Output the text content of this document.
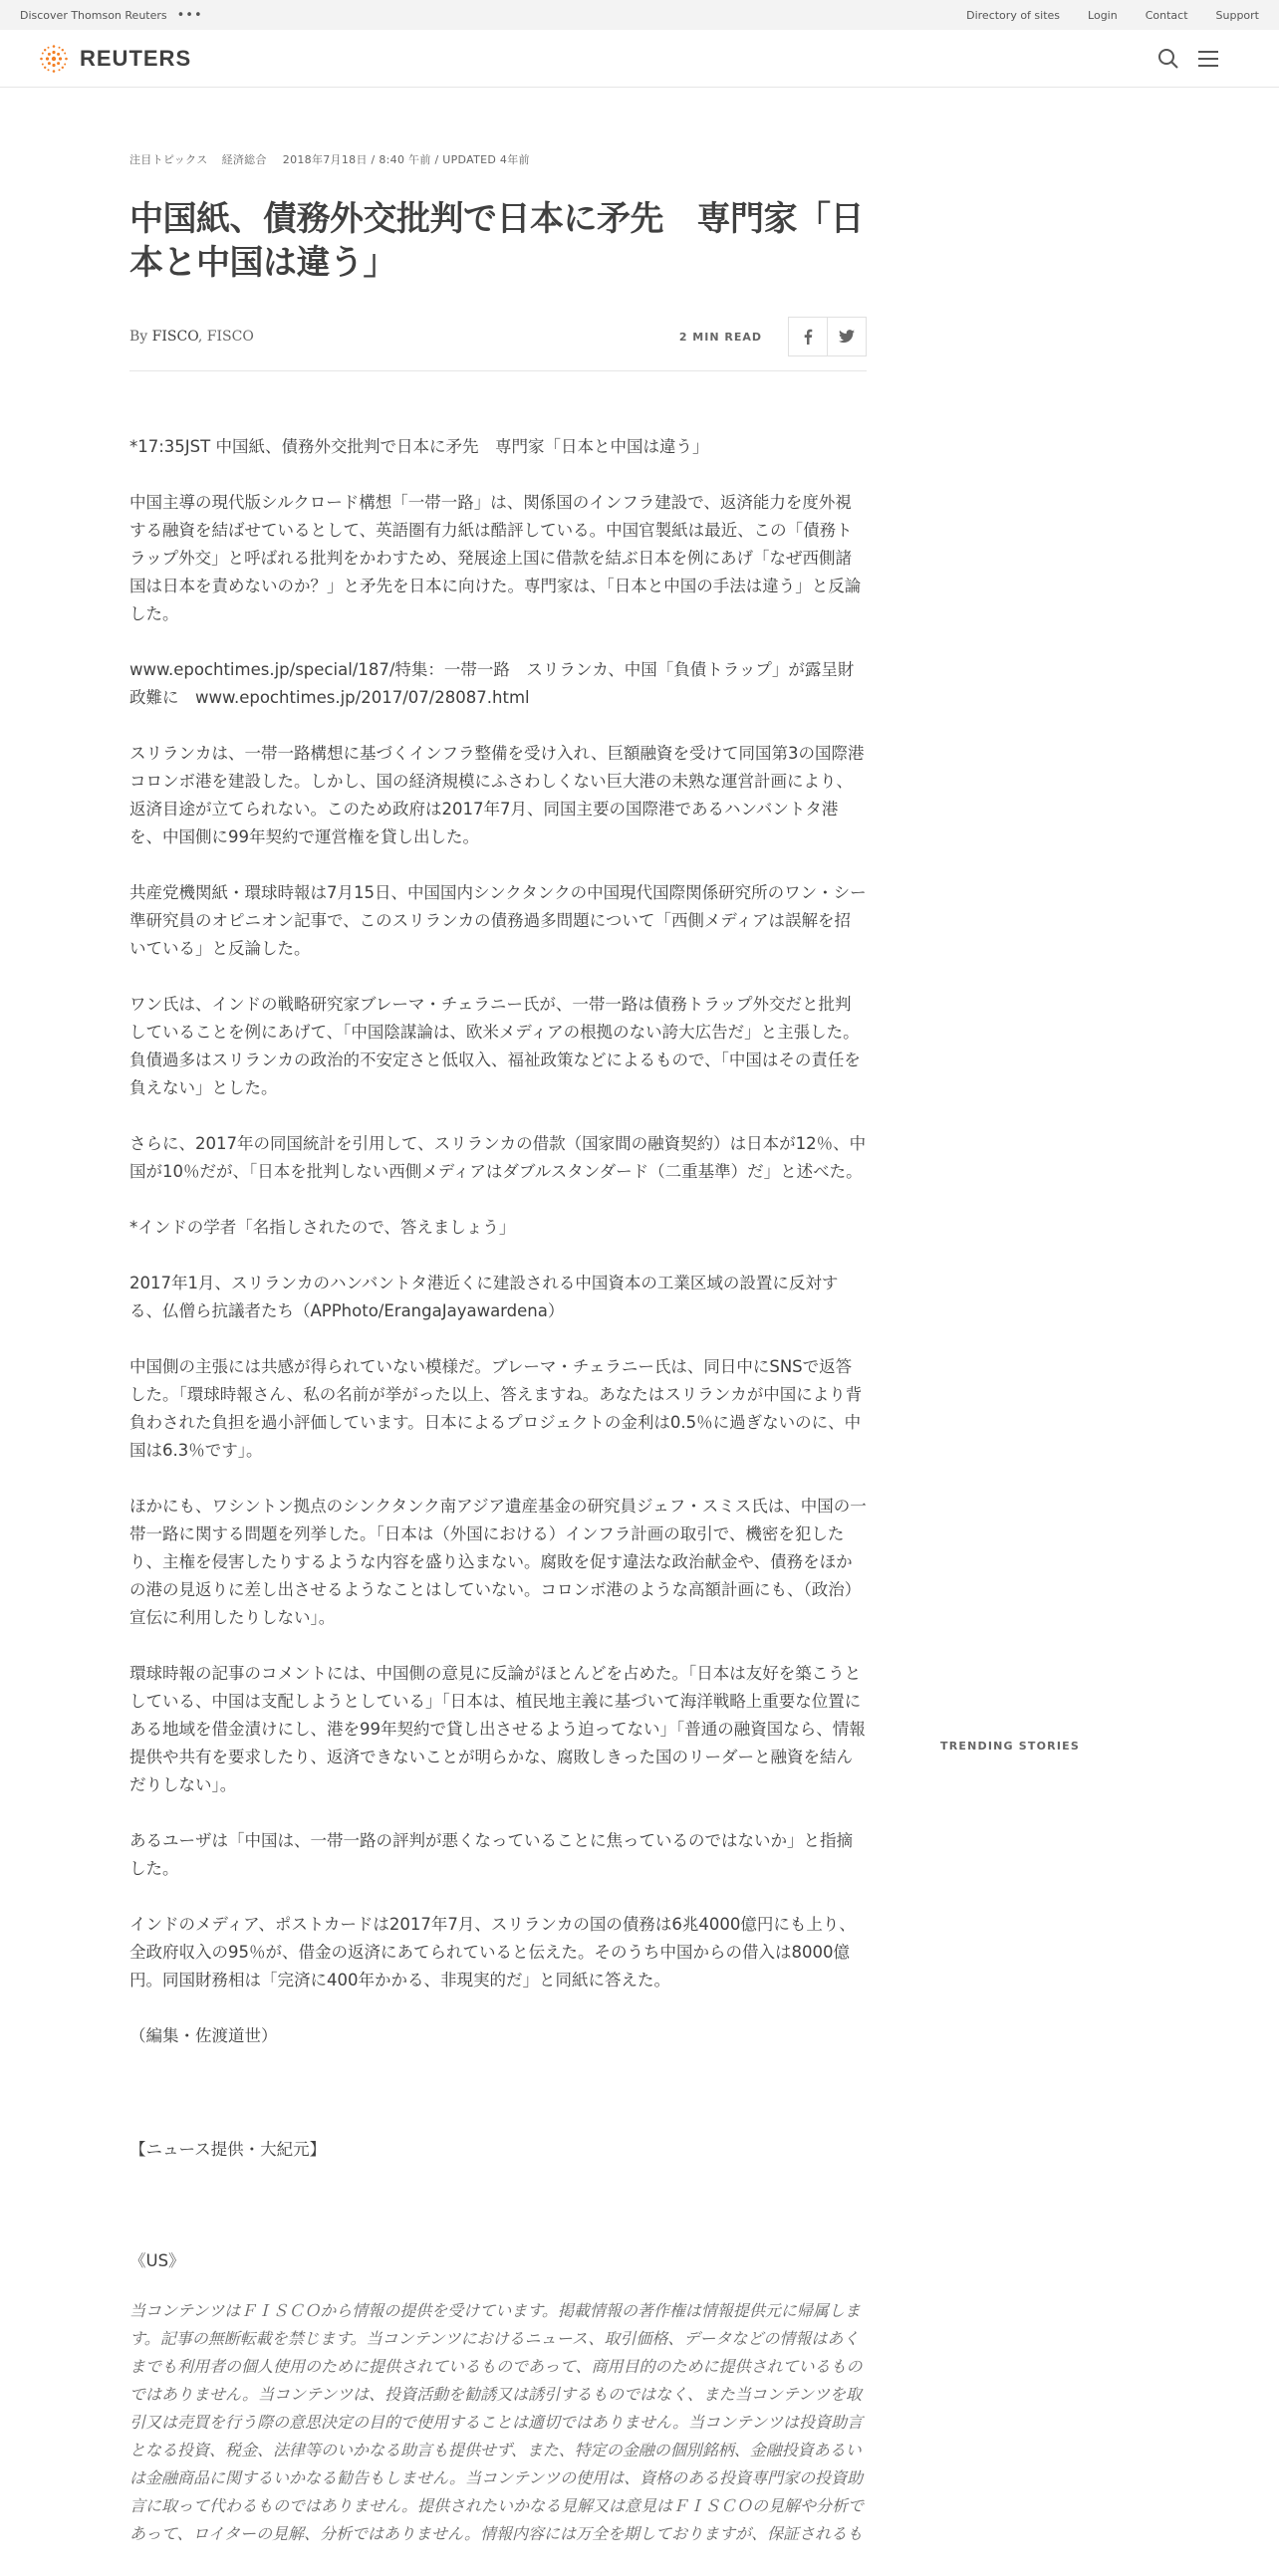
Discover Thomson Reuters •••	Directory of sites	Login	Contact	Support
REUTERS
注目トピックス 経済総合 2018年7月18日 / 8:40 午前 / UPDATED 4年前
中国紙、債務外交批判で日本に矛先　専門家「日本と中国は違う」
By FISCO, FISCO	2 MIN READ

*17:35JST 中国紙、債務外交批判で日本に矛先　専門家「日本と中国は違う」

中国主導の現代版シルクロード構想「一帯一路」は、関係国のインフラ建設で、返済能力を度外視する融資を結ばせているとして、英語圏有力紙は酷評している。中国官製紙は最近、この「債務トラップ外交」と呼ばれる批判をかわすため、発展途上国に借款を結ぶ日本を例にあげ「なぜ西側諸国は日本を責めないのか？」と矛先を日本に向けた。専門家は、「日本と中国の手法は違う」と反論した。

www.epochtimes.jp/special/187/特集：一帯一路　スリランカ、中国「負債トラップ」が露呈財政難に　www.epochtimes.jp/2017/07/28087.html

スリランカは、一帯一路構想に基づくインフラ整備を受け入れ、巨額融資を受けて同国第3の国際港コロンボ港を建設した。しかし、国の経済規模にふさわしくない巨大港の未熟な運営計画により、返済目途が立てられない。このため政府は2017年7月、同国主要の国際港であるハンバントタ港を、中国側に99年契約で運営権を貸し出した。

共産党機関紙・環球時報は7月15日、中国国内シンクタンクの中国現代国際関係研究所のワン・シー準研究員のオピニオン記事で、このスリランカの債務過多問題について「西側メディアは誤解を招いている」と反論した。

ワン氏は、インドの戦略研究家ブレーマ・チェラニー氏が、一帯一路は債務トラップ外交だと批判していることを例にあげて、「中国陰謀論は、欧米メディアの根拠のない誇大広告だ」と主張した。負債過多はスリランカの政治的不安定さと低収入、福祉政策などによるもので、「中国はその責任を負えない」とした。

さらに、2017年の同国統計を引用して、スリランカの借款（国家間の融資契約）は日本が12％、中国が10％だが、「日本を批判しない西側メディアはダブルスタンダード（二重基準）だ」と述べた。

*インドの学者「名指しされたので、答えましょう」

2017年1月、スリランカのハンバントタ港近くに建設される中国資本の工業区域の設置に反対する、仏僧ら抗議者たち（APPhoto/ErangaJayawardena）

中国側の主張には共感が得られていない模様だ。ブレーマ・チェラニー氏は、同日中にSNSで返答した。「環球時報さん、私の名前が挙がった以上、答えますね。あなたはスリランカが中国により背負わされた負担を過小評価しています。日本によるプロジェクトの金利は0.5％に過ぎないのに、中国は6.3％です」。

ほかにも、ワシントン拠点のシンクタンク南アジア遺産基金の研究員ジェフ・スミス氏は、中国の一帯一路に関する問題を列挙した。「日本は（外国における）インフラ計画の取引で、機密を犯したり、主権を侵害したりするような内容を盛り込まない。腐敗を促す違法な政治献金や、債務をほかの港の見返りに差し出させるようなことはしていない。コロンボ港のような高額計画にも、（政治）宣伝に利用したりしない」。

環球時報の記事のコメントには、中国側の意見に反論がほとんどを占めた。「日本は友好を築こうとしている、中国は支配しようとしている」「日本は、植民地主義に基づいて海洋戦略上重要な位置にある地域を借金漬けにし、港を99年契約で貸し出させるよう迫ってない」「普通の融資国なら、情報提供や共有を要求したり、返済できないことが明らかな、腐敗しきった国のリーダーと融資を結んだりしない」。

あるユーザは「中国は、一帯一路の評判が悪くなっていることに焦っているのではないか」と指摘した。

インドのメディア、ポストカードは2017年7月、スリランカの国の債務は6兆4000億円にも上り、全政府収入の95％が、借金の返済にあてられていると伝えた。そのうち中国からの借入は8000億円。同国財務相は「完済に400年かかる、非現実的だ」と同紙に答えた。

（編集・佐渡道世）

【ニュース提供・大紀元】

《US》

当コンテンツはＦＩＳＣＯから情報の提供を受けています。掲載情報の著作権は情報提供元に帰属します。記事の無断転載を禁じます。当コンテンツにおけるニュース、取引価格、データなどの情報はあくまでも利用者の個人使用のために提供されているものであって、商用目的のために提供されているものではありません。当コンテンツは、投資活動を勧誘又は誘引するものではなく、また当コンテンツを取引又は売買を行う際の意思決定の目的で使用することは適切ではありません。当コンテンツは投資助言となる投資、税金、法律等のいかなる助言も提供せず、また、特定の金融の個別銘柄、金融投資あるいは金融商品に関するいかなる勧告もしません。当コンテンツの使用は、資格のある投資専門家の投資助言に取って代わるものではありません。提供されたいかなる見解又は意見はＦＩＳＣＯの見解や分析であって、ロイターの見解、分析ではありません。情報内容には万全を期しておりますが、保証されるも

TRENDING STORIES
